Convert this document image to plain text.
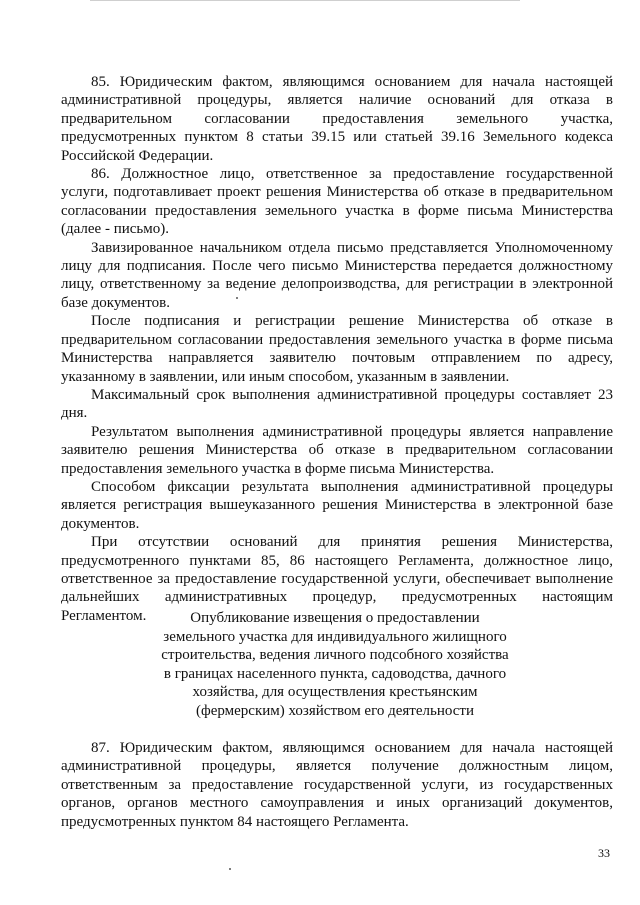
85. Юридическим фактом, являющимся основанием для начала настоящей административной процедуры, является наличие оснований для отказа в предварительном согласовании предоставления земельного участка, предусмотренных пунктом 8 статьи 39.15 или статьей 39.16 Земельного кодекса Российской Федерации.

86. Должностное лицо, ответственное за предоставление государственной услуги, подготавливает проект решения Министерства об отказе в предварительном согласовании предоставления земельного участка в форме письма Министерства (далее - письмо).

Завизированное начальником отдела письмо представляется Уполномоченному лицу для подписания. После чего письмо Министерства передается должностному лицу, ответственному за ведение делопроизводства, для регистрации в электронной базе документов.

После подписания и регистрации решение Министерства об отказе в предварительном согласовании предоставления земельного участка в форме письма Министерства направляется заявителю почтовым отправлением по адресу, указанному в заявлении, или иным способом, указанным в заявлении.

Максимальный срок выполнения административной процедуры составляет 23 дня.

Результатом выполнения административной процедуры является направление заявителю решения Министерства об отказе в предварительном согласовании предоставления земельного участка в форме письма Министерства.

Способом фиксации результата выполнения административной процедуры является регистрация вышеуказанного решения Министерства в электронной базе документов.

При отсутствии оснований для принятия решения Министерства, предусмотренного пунктами 85, 86 настоящего Регламента, должностное лицо, ответственное за предоставление государственной услуги, обеспечивает выполнение дальнейших административных процедур, предусмотренных настоящим Регламентом.	Опубликование извещения о предоставлении
земельного участка для индивидуального жилищного
строительства, ведения личного подсобного хозяйства
в границах населенного пункта, садоводства, дачного
хозяйства, для осуществления крестьянским
(фермерским) хозяйством его деятельности

87. Юридическим фактом, являющимся основанием для начала настоящей административной процедуры, является получение должностным лицом, ответственным за предоставление государственной услуги, из государственных органов, органов местного самоуправления и иных организаций документов, предусмотренных пунктом 84 настоящего Регламента.

33
